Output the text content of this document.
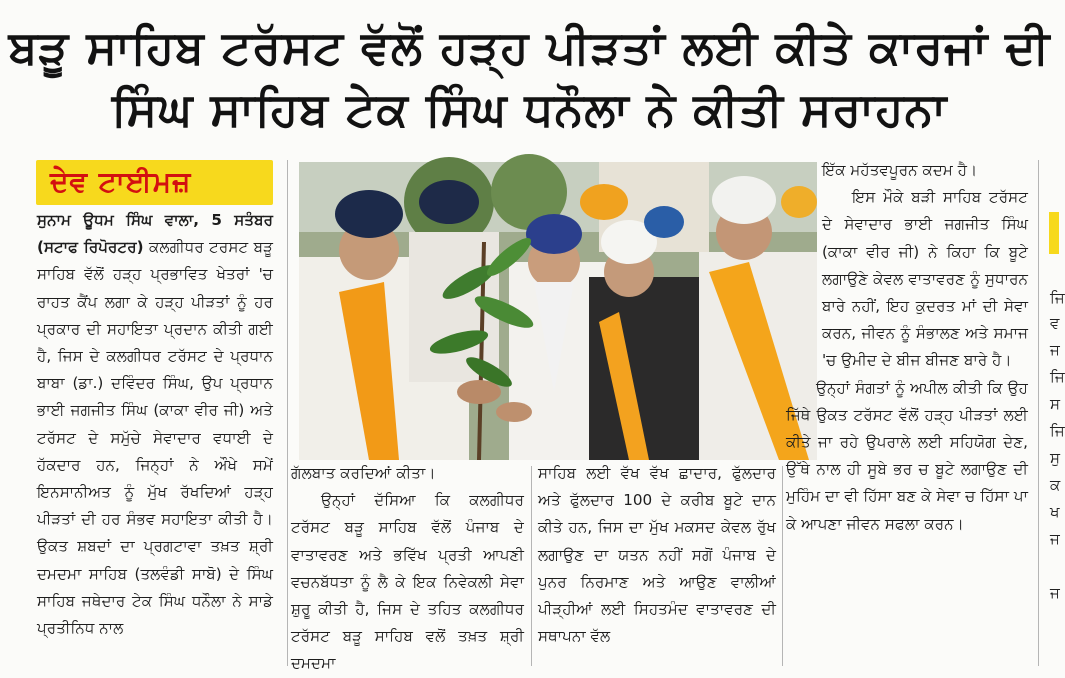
ਬੜੂ ਸਾਹਿਬ ਟਰੱਸਟ ਵੱਲੋਂ ਹੜ੍ਹ ਪੀੜਤਾਂ ਲਈ ਕੀਤੇ ਕਾਰਜਾਂ ਦੀ
ਸਿੰਘ ਸਾਹਿਬ ਟੇਕ ਸਿੰਘ ਧਨੌਲਾ ਨੇ ਕੀਤੀ ਸਰਾਹਨਾ
ਦੇਵ ਟਾਈਮਜ਼

ਸੁਨਾਮ ਊਧਮ ਸਿੰਘ ਵਾਲਾ, 5 ਸਤੰਬਰ (ਸਟਾਫ ਰਿਪੋਰਟਰ) ਕਲਗੀਧਰ ਟਰਸਟ ਬੜੂ ਸਾਹਿਬ ਵੱਲੋਂ ਹੜ੍ਹ ਪ੍ਰਭਾਵਿਤ ਖੇਤਰਾਂ 'ਚ ਰਾਹਤ ਕੈਂਪ ਲਗਾ ਕੇ ਹੜ੍ਹ ਪੀੜਤਾਂ ਨੂੰ ਹਰ ਪ੍ਰਕਾਰ ਦੀ ਸਹਾਇਤਾ ਪ੍ਰਦਾਨ ਕੀਤੀ ਗਈ ਹੈ, ਜਿਸ ਦੇ ਕਲਗੀਧਰ ਟਰੱਸਟ ਦੇ ਪ੍ਰਧਾਨ ਬਾਬਾ (ਡਾ.) ਦਵਿੰਦਰ ਸਿੰਘ, ਉਪ ਪ੍ਰਧਾਨ ਭਾਈ ਜਗਜੀਤ ਸਿੰਘ (ਕਾਕਾ ਵੀਰ ਜੀ) ਅਤੇ ਟਰੱਸਟ ਦੇ ਸਮੁੱਚੇ ਸੇਵਾਦਾਰ ਵਧਾਈ ਦੇ ਹੱਕਦਾਰ ਹਨ, ਜਿਨ੍ਹਾਂ ਨੇ ਔਖੇ ਸਮੇਂ ਇਨਸਾਨੀਅਤ ਨੂੰ ਮੁੱਖ ਰੱਖਦਿਆਂ ਹੜ੍ਹ ਪੀੜਤਾਂ ਦੀ ਹਰ ਸੰਭਵ ਸਹਾਇਤਾ ਕੀਤੀ ਹੈ। ਉਕਤ ਸ਼ਬਦਾਂ ਦਾ ਪ੍ਰਗਟਾਵਾ ਤਖ਼ਤ ਸ਼੍ਰੀ ਦਮਦਮਾ ਸਾਹਿਬ (ਤਲਵੰਡੀ ਸਾਬੋ) ਦੇ ਸਿੰਘ ਸਾਹਿਬ ਜਥੇਦਾਰ ਟੇਕ ਸਿੰਘ ਧਨੌਲਾ ਨੇ ਸਾਡੇ ਪ੍ਰਤੀਨਿਧ ਨਾਲ

ਗੱਲਬਾਤ ਕਰਦਿਆਂ ਕੀਤਾ।

ਉਨ੍ਹਾਂ ਦੱਸਿਆ ਕਿ ਕਲਗੀਧਰ ਟਰੱਸਟ ਬੜੂ ਸਾਹਿਬ ਵੱਲੋਂ ਪੰਜਾਬ ਦੇ ਵਾਤਾਵਰਣ ਅਤੇ ਭਵਿੱਖ ਪ੍ਰਤੀ ਆਪਣੀ ਵਚਨਬੱਧਤਾ ਨੂੰ ਲੈ ਕੇ ਇਕ ਨਿਵੇਕਲੀ ਸੇਵਾ ਸ਼ੁਰੂ ਕੀਤੀ ਹੈ, ਜਿਸ ਦੇ ਤਹਿਤ ਕਲਗੀਧਰ ਟਰੱਸਟ ਬੜੂ ਸਾਹਿਬ ਵਲੋਂ ਤਖ਼ਤ ਸ਼੍ਰੀ ਦਮਦਮਾ

ਸਾਹਿਬ ਲਈ ਵੱਖ ਵੱਖ ਛਾਦਾਰ, ਫੁੱਲਦਾਰ ਅਤੇ ਫੁੱਲਦਾਰ 100 ਦੇ ਕਰੀਬ ਬੂਟੇ ਦਾਨ ਕੀਤੇ ਹਨ, ਜਿਸ ਦਾ ਮੁੱਖ ਮਕਸਦ ਕੇਵਲ ਰੁੱਖ ਲਗਾਉਣ ਦਾ ਯਤਨ ਨਹੀਂ ਸਗੋਂ ਪੰਜਾਬ ਦੇ ਪੁਨਰ ਨਿਰਮਾਣ ਅਤੇ ਆਉਣ ਵਾਲੀਆਂ ਪੀੜ੍ਹੀਆਂ ਲਈ ਸਿਹਤਮੰਦ ਵਾਤਾਵਰਣ ਦੀ ਸਥਾਪਨਾ ਵੱਲ

ਇੱਕ ਮਹੱਤਵਪੂਰਨ ਕਦਮ ਹੈ।

ਇਸ ਮੌਕੇ ਬੜੀ ਸਾਹਿਬ ਟਰੱਸਟ ਦੇ ਸੇਵਾਦਾਰ ਭਾਈ ਜਗਜੀਤ ਸਿੰਘ (ਕਾਕਾ ਵੀਰ ਜੀ) ਨੇ ਕਿਹਾ ਕਿ ਬੂਟੇ ਲਗਾਉਣੇ ਕੇਵਲ ਵਾਤਾਵਰਣ ਨੂੰ ਸੁਧਾਰਨ ਬਾਰੇ ਨਹੀਂ, ਇਹ ਕੁਦਰਤ ਮਾਂ ਦੀ ਸੇਵਾ ਕਰਨ, ਜੀਵਨ ਨੂੰ ਸੰਭਾਲਣ ਅਤੇ ਸਮਾਜ 'ਚ ਉਮੀਦ ਦੇ ਬੀਜ ਬੀਜਣ ਬਾਰੇ ਹੈ।

ਉਨ੍ਹਾਂ ਸੰਗਤਾਂ ਨੂੰ ਅਪੀਲ ਕੀਤੀ ਕਿ ਉਹ ਜਿੱਥੇ ਉਕਤ ਟਰੱਸਟ ਵੱਲੋਂ ਹੜ੍ਹ ਪੀੜਤਾਂ ਲਈ ਕੀਤੇ ਜਾ ਰਹੇ ਉਪਰਾਲੇ ਲਈ ਸਹਿਯੋਗ ਦੇਣ, ਉੱਥੇ ਨਾਲ ਹੀ ਸੂਬੇ ਭਰ ਚ ਬੂਟੇ ਲਗਾਉਣ ਦੀ ਮੁਹਿੰਮ ਦਾ ਵੀ ਹਿੱਸਾ ਬਣ ਕੇ ਸੇਵਾ ਚ ਹਿੱਸਾ ਪਾ ਕੇ ਆਪਣਾ ਜੀਵਨ ਸਫਲਾ ਕਰਨ।

ਜਿ
ਵ
ਜ
ਜਿ
ਸ
ਜਿ
ਸੁ
ਕ
ਖ
ਜ
ਜ
